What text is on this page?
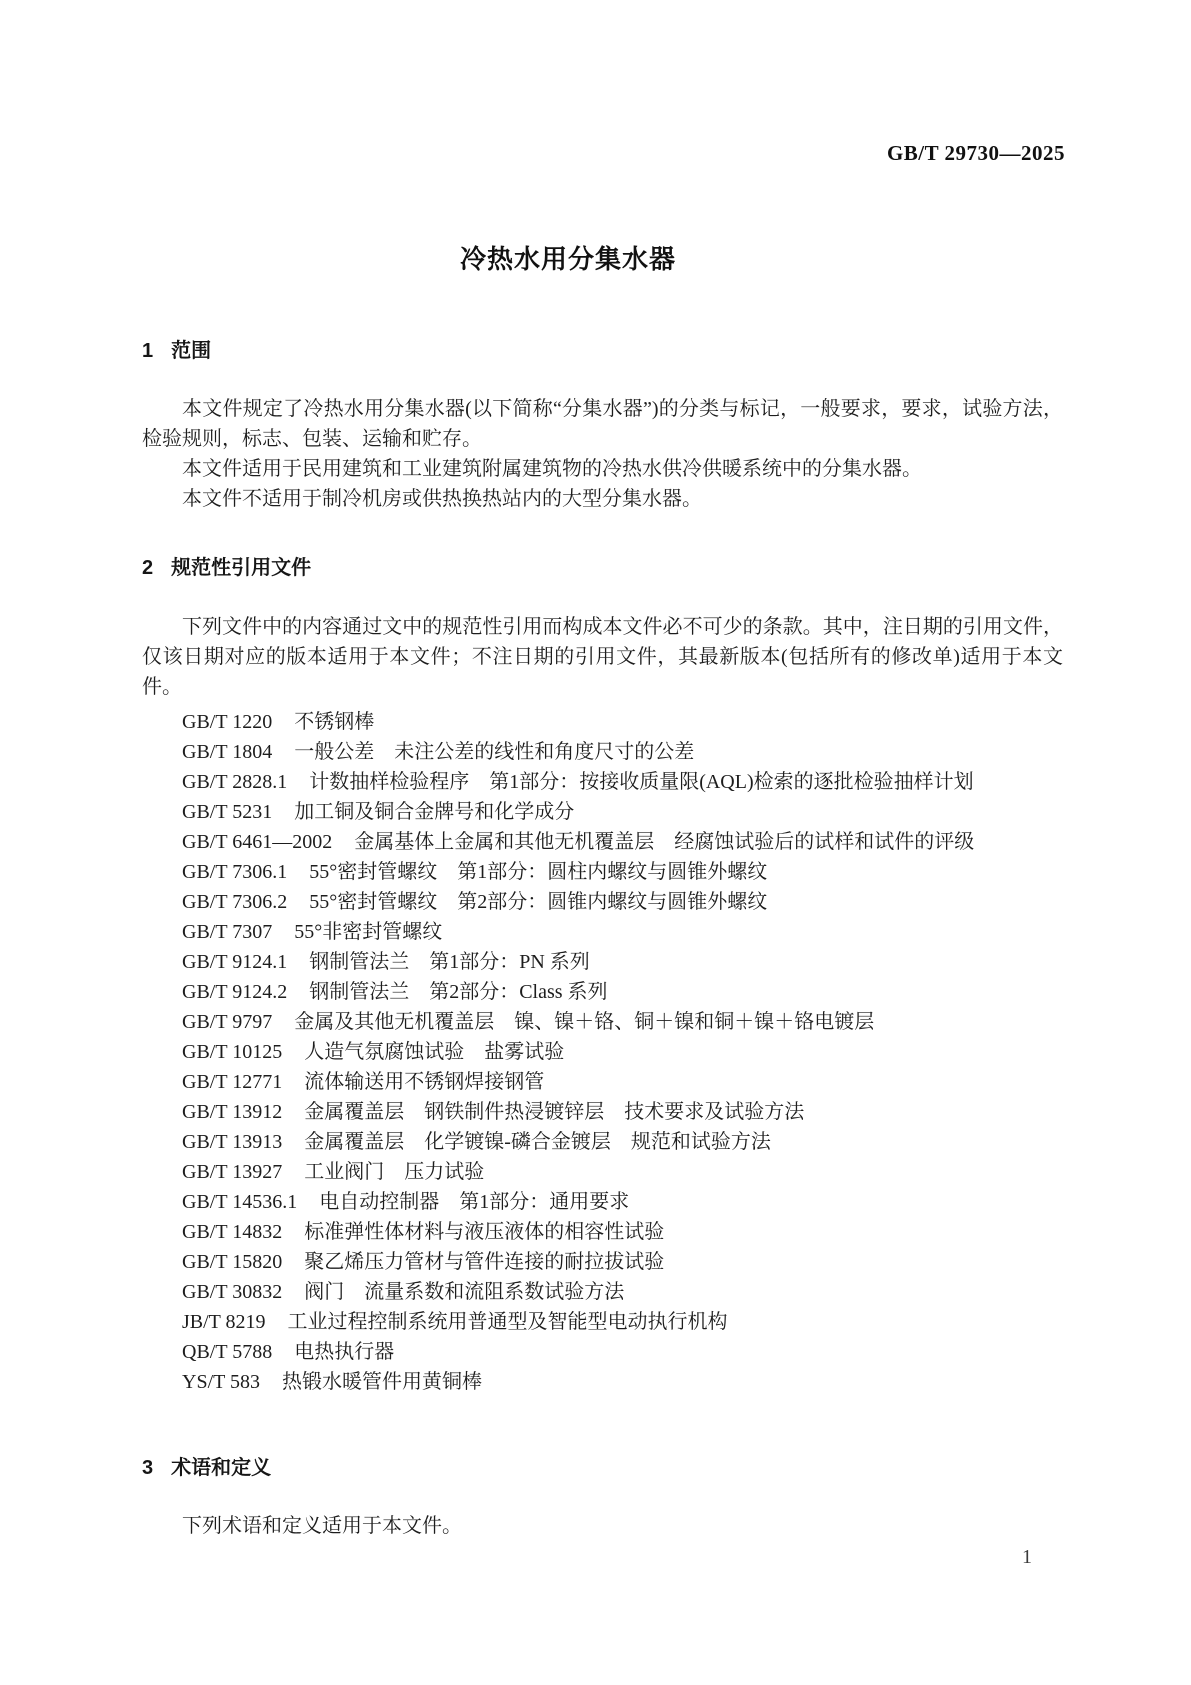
GB/T 29730—2025
冷热水用分集水器
1 范围

本文件规定了冷热水用分集水器(以下简称“分集水器”)的分类与标记，一般要求，要求，试验方法，检验规则，标志、包装、运输和贮存。

本文件适用于民用建筑和工业建筑附属建筑物的冷热水供冷供暖系统中的分集水器。

本文件不适用于制冷机房或供热换热站内的大型分集水器。

2 规范性引用文件

下列文件中的内容通过文中的规范性引用而构成本文件必不可少的条款。其中，注日期的引用文件，仅该日期对应的版本适用于本文件；不注日期的引用文件，其最新版本(包括所有的修改单)适用于本文件。

GB/T 1220 不锈钢棒
GB/T 1804 一般公差　未注公差的线性和角度尺寸的公差
GB/T 2828.1 计数抽样检验程序　第1部分：按接收质量限(AQL)检索的逐批检验抽样计划
GB/T 5231 加工铜及铜合金牌号和化学成分
GB/T 6461—2002 金属基体上金属和其他无机覆盖层　经腐蚀试验后的试样和试件的评级
GB/T 7306.1 55°密封管螺纹　第1部分：圆柱内螺纹与圆锥外螺纹
GB/T 7306.2 55°密封管螺纹　第2部分：圆锥内螺纹与圆锥外螺纹
GB/T 7307 55°非密封管螺纹
GB/T 9124.1 钢制管法兰　第1部分：PN 系列
GB/T 9124.2 钢制管法兰　第2部分：Class 系列
GB/T 9797 金属及其他无机覆盖层　镍、镍＋铬、铜＋镍和铜＋镍＋铬电镀层
GB/T 10125 人造气氛腐蚀试验　盐雾试验
GB/T 12771 流体输送用不锈钢焊接钢管
GB/T 13912 金属覆盖层　钢铁制件热浸镀锌层　技术要求及试验方法
GB/T 13913 金属覆盖层　化学镀镍-磷合金镀层　规范和试验方法
GB/T 13927 工业阀门　压力试验
GB/T 14536.1 电自动控制器　第1部分：通用要求
GB/T 14832 标准弹性体材料与液压液体的相容性试验
GB/T 15820 聚乙烯压力管材与管件连接的耐拉拔试验
GB/T 30832 阀门　流量系数和流阻系数试验方法
JB/T 8219 工业过程控制系统用普通型及智能型电动执行机构
QB/T 5788 电热执行器
YS/T 583 热锻水暖管件用黄铜棒
3 术语和定义

下列术语和定义适用于本文件。

1
